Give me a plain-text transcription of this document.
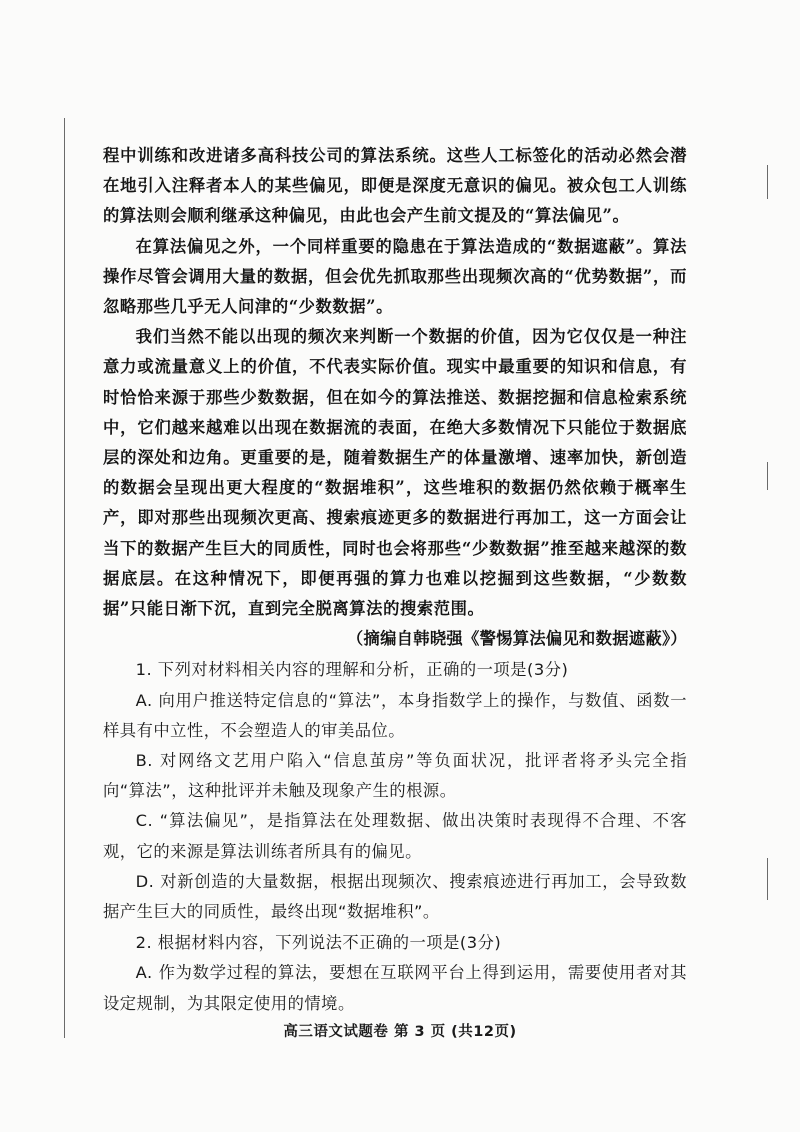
程中训练和改进诸多高科技公司的算法系统。这些人工标签化的活动必然会潜在地引入注释者本人的某些偏见，即便是深度无意识的偏见。被众包工人训练的算法则会顺利继承这种偏见，由此也会产生前文提及的“算法偏见”。

在算法偏见之外，一个同样重要的隐患在于算法造成的“数据遮蔽”。算法操作尽管会调用大量的数据，但会优先抓取那些出现频次高的“优势数据”，而忽略那些几乎无人问津的“少数数据”。

我们当然不能以出现的频次来判断一个数据的价值，因为它仅仅是一种注意力或流量意义上的价值，不代表实际价值。现实中最重要的知识和信息，有时恰恰来源于那些少数数据，但在如今的算法推送、数据挖掘和信息检索系统中，它们越来越难以出现在数据流的表面，在绝大多数情况下只能位于数据底层的深处和边角。更重要的是，随着数据生产的体量激增、速率加快，新创造的数据会呈现出更大程度的“数据堆积”，这些堆积的数据仍然依赖于概率生产，即对那些出现频次更高、搜索痕迹更多的数据进行再加工，这一方面会让当下的数据产生巨大的同质性，同时也会将那些“少数数据”推至越来越深的数据底层。在这种情况下，即便再强的算力也难以挖掘到这些数据，“少数数据”只能日渐下沉，直到完全脱离算法的搜索范围。

（摘编自韩晓强《警惕算法偏见和数据遮蔽》）

1. 下列对材料相关内容的理解和分析，正确的一项是(3分)

A. 向用户推送特定信息的“算法”，本身指数学上的操作，与数值、函数一样具有中立性，不会塑造人的审美品位。

B. 对网络文艺用户陷入“信息茧房”等负面状况，批评者将矛头完全指向“算法”，这种批评并未触及现象产生的根源。

C. “算法偏见”，是指算法在处理数据、做出决策时表现得不合理、不客观，它的来源是算法训练者所具有的偏见。

D. 对新创造的大量数据，根据出现频次、搜索痕迹进行再加工，会导致数据产生巨大的同质性，最终出现“数据堆积”。

2. 根据材料内容，下列说法不正确的一项是(3分)

A. 作为数学过程的算法，要想在互联网平台上得到运用，需要使用者对其设定规制，为其限定使用的情境。

高三语文试题卷 第 3 页 (共12页)
